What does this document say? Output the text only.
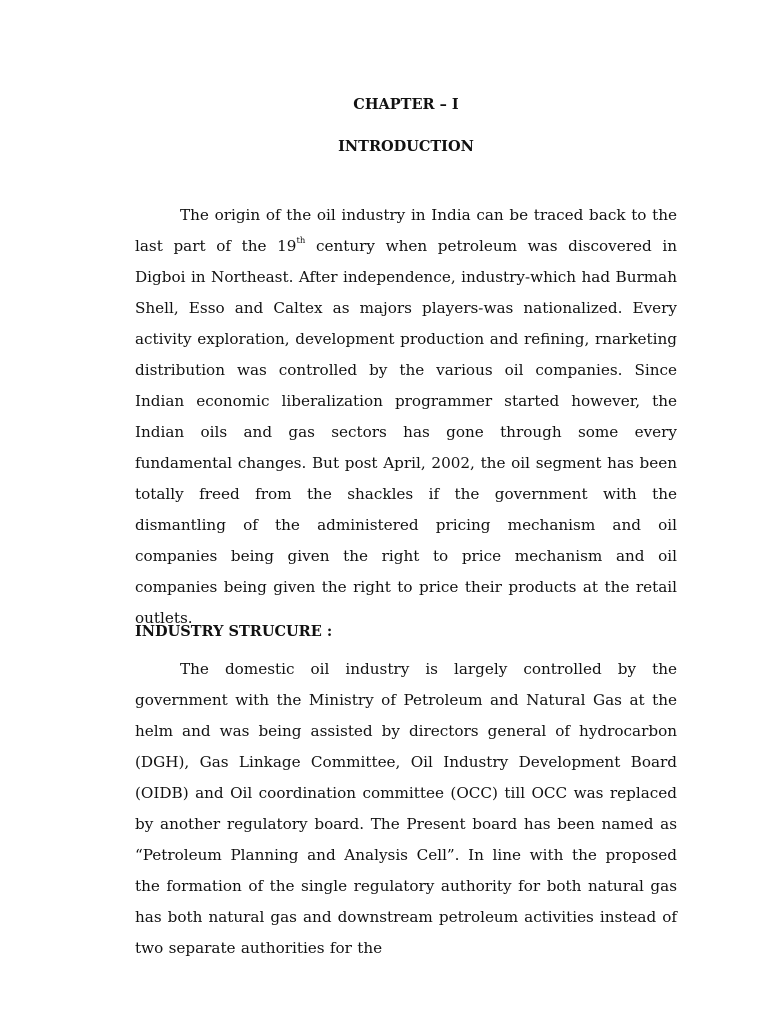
CHAPTER – I
INTRODUCTION

The origin of the oil industry in India can be traced back to the last part of the 19th century when petroleum was discovered in Digboi in Northeast. After independence, industry-which had Burmah Shell, Esso and Caltex as majors players-was nationalized. Every activity exploration, development production and refining, rnarketing distribution was controlled by the various oil companies. Since Indian economic liberalization programmer started however, the Indian oils and gas sectors has gone through some every fundamental changes. But post April, 2002, the oil segment has been totally freed from the shackles if the government with the dismantling of the administered pricing mechanism and oil companies being given the right to price mechanism and oil companies being given the right to price their products at the retail outlets.

INDUSTRY STRUCURE :

The domestic oil industry is largely controlled by the government with the Ministry of Petroleum and Natural Gas at the helm and was being assisted by directors general of hydrocarbon (DGH), Gas Linkage Committee, Oil Industry Development Board (OIDB) and Oil coordination committee (OCC) till OCC was replaced by another regulatory board. The Present board has been named as “Petroleum Planning and Analysis Cell”. In line with the proposed the formation of the single regulatory authority for both natural gas has both natural gas and downstream petroleum activities instead of two separate authorities for the
